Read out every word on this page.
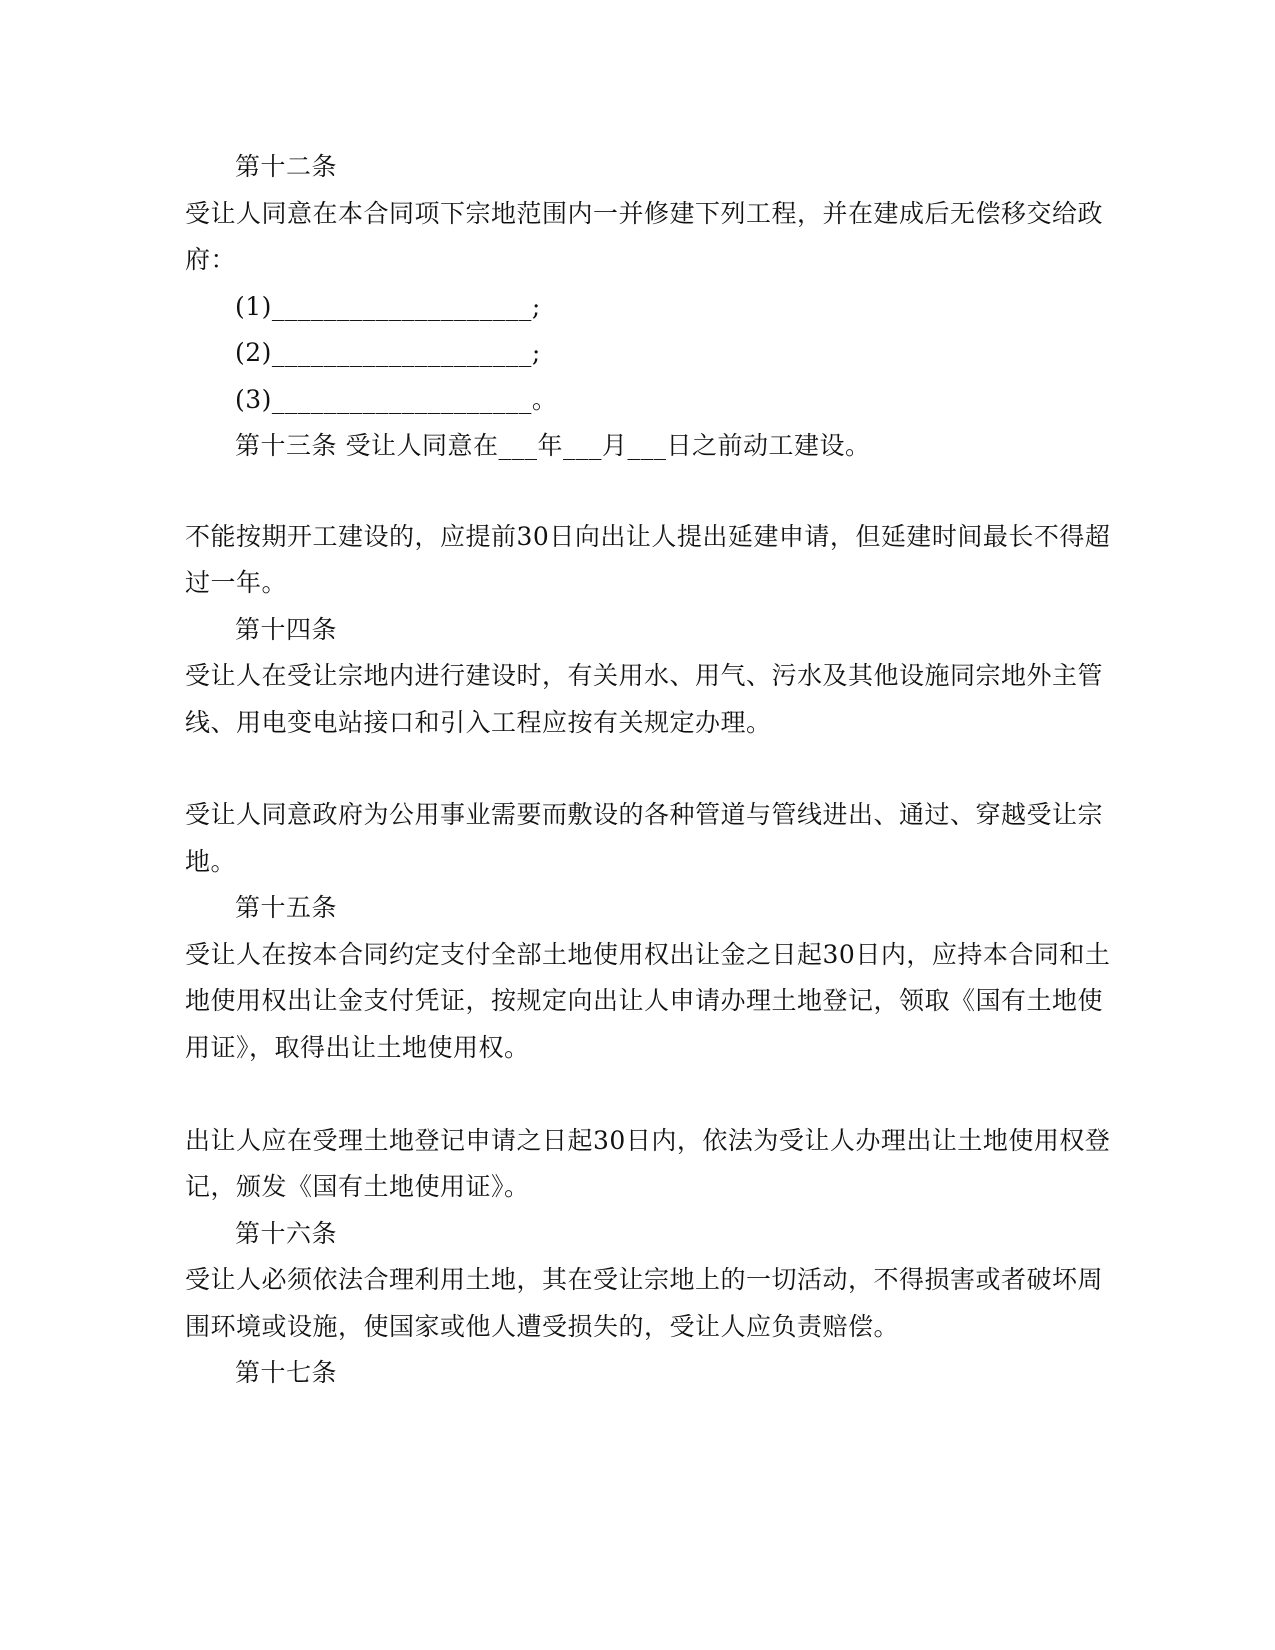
第十二条
受让人同意在本合同项下宗地范围内一并修建下列工程，并在建成后无偿移交给政
府：
(1)____________________;
(2)____________________;
(3)____________________。
第十三条 受让人同意在___年___月___日之前动工建设。
不能按期开工建设的，应提前30日向出让人提出延建申请，但延建时间最长不得超
过一年。
第十四条
受让人在受让宗地内进行建设时，有关用水、用气、污水及其他设施同宗地外主管
线、用电变电站接口和引入工程应按有关规定办理。
受让人同意政府为公用事业需要而敷设的各种管道与管线进出、通过、穿越受让宗
地。
第十五条
受让人在按本合同约定支付全部土地使用权出让金之日起30日内，应持本合同和土
地使用权出让金支付凭证，按规定向出让人申请办理土地登记，领取《国有土地使
用证》，取得出让土地使用权。
出让人应在受理土地登记申请之日起30日内，依法为受让人办理出让土地使用权登
记，颁发《国有土地使用证》。
第十六条
受让人必须依法合理利用土地，其在受让宗地上的一切活动，不得损害或者破坏周
围环境或设施，使国家或他人遭受损失的，受让人应负责赔偿。
第十七条
